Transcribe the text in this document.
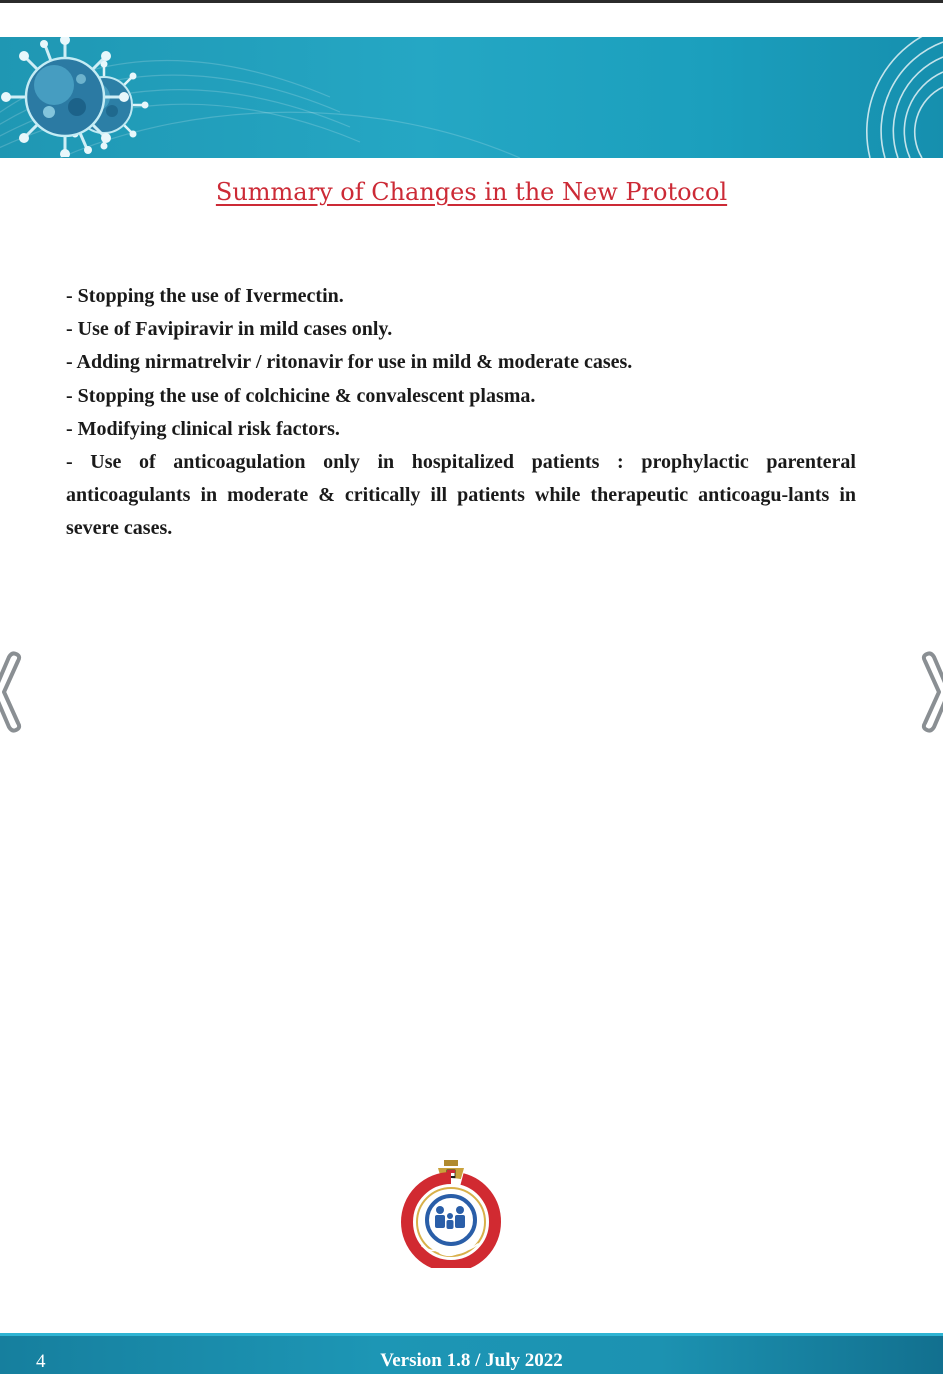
Summary of Changes in the New Protocol
- Stopping the use of Ivermectin.
- Use of Favipiravir in mild cases only.
- Adding nirmatrelvir / ritonavir for use in mild & moderate cases.
- Stopping the use of colchicine & convalescent plasma.
- Modifying clinical risk factors.
- Use of anticoagulation only in hospitalized patients : prophylactic parenteral anticoagulants in moderate & critically ill patients while therapeutic anticoagu-lants in severe cases.
4	Version 1.8 / July 2022
